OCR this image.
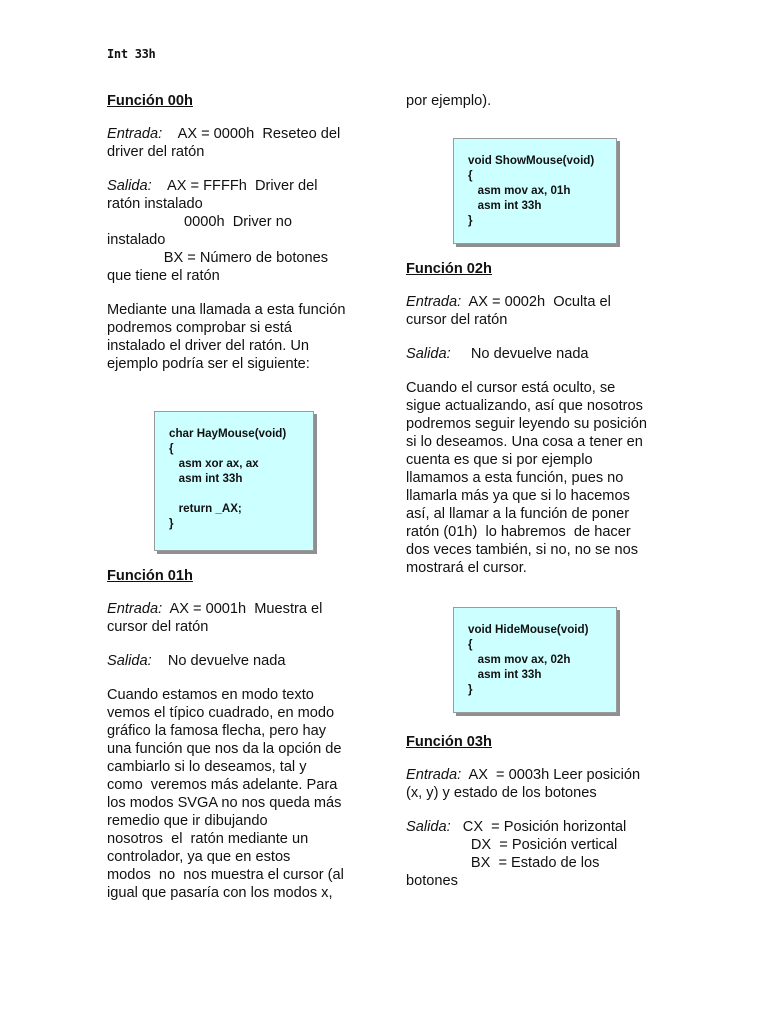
Int 33h
Función 00h
Entrada:    AX = 0000h  Reseteo del
driver del ratón
Salida:    AX = FFFFh  Driver del
ratón instalado
0000h  Driver no
instalado
BX = Número de botones
que tiene el ratón
Mediante una llamada a esta función
podremos comprobar si está
instalado el driver del ratón. Un
ejemplo podría ser el siguiente:
char HayMouse(void)
{
asm xor ax, ax
asm int 33h
return _AX;
}
Función 01h
Entrada:  AX = 0001h  Muestra el
cursor del ratón
Salida:    No devuelve nada
Cuando estamos en modo texto
vemos el típico cuadrado, en modo
gráfico la famosa flecha, pero hay
una función que nos da la opción de
cambiarlo si lo deseamos, tal y
como  veremos más adelante. Para
los modos SVGA no nos queda más
remedio que ir dibujando
nosotros  el  ratón mediante un
controlador, ya que en estos
modos  no  nos muestra el cursor (al
igual que pasaría con los modos x,
por ejemplo).
void ShowMouse(void)
{
asm mov ax, 01h
asm int 33h
}
Función 02h
Entrada:  AX = 0002h  Oculta el
cursor del ratón
Salida:     No devuelve nada
Cuando el cursor está oculto, se
sigue actualizando, así que nosotros
podremos seguir leyendo su posición
si lo deseamos. Una cosa a tener en
cuenta es que si por ejemplo
llamamos a esta función, pues no
llamarla más ya que si lo hacemos
así, al llamar a la función de poner
ratón (01h)  lo habremos  de hacer
dos veces también, si no, no se nos
mostrará el cursor.
void HideMouse(void)
{
asm mov ax, 02h
asm int 33h
}
Función 03h
Entrada:  AX  = 0003h Leer posición
(x, y) y estado de los botones
Salida:   CX  = Posición horizontal
DX  = Posición vertical
BX  = Estado de los
botones
